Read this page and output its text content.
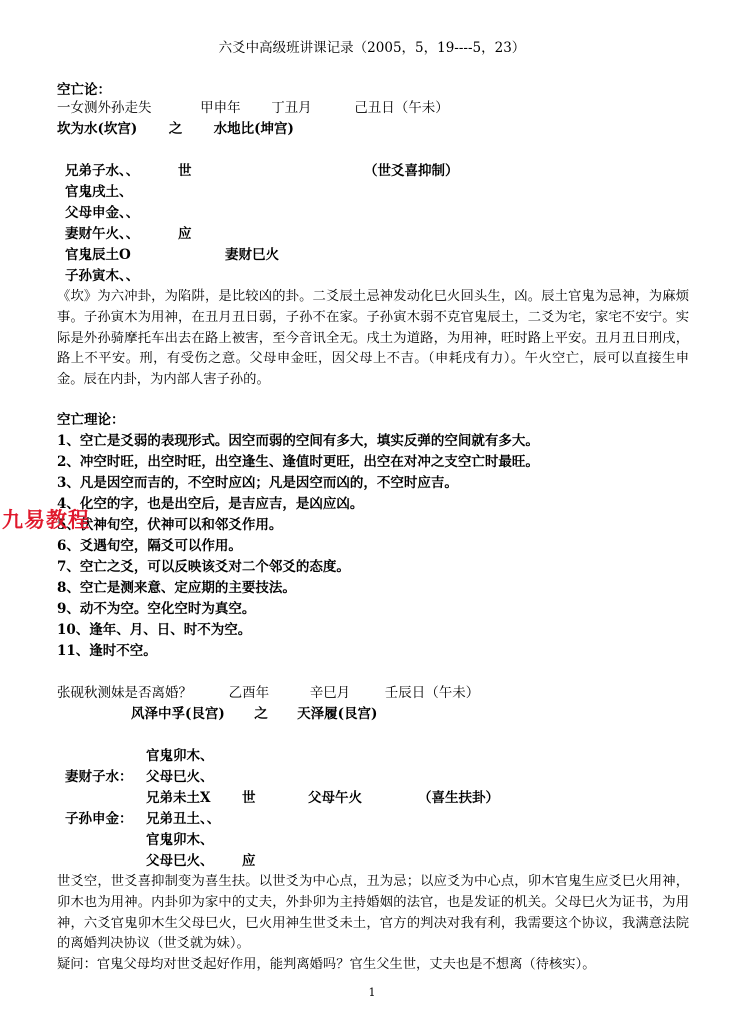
六爻中高级班讲课记录（2005，5，19----5，23）
空亡论：
一女测外孙走失	甲申年 丁丑月	己丑日（午未）
坎为水(坎宫) 之 水地比(坤宫)
兄弟子水、、	世	（世爻喜抑制）
官鬼戌土、
父母申金、、
妻财午火、、	应
官鬼辰土O	妻财巳火
子孙寅木、、
《坎》为六冲卦，为陷阱，是比较凶的卦。二爻辰土忌神发动化巳火回头生，凶。辰土官鬼为忌神，为麻烦事。子孙寅木为用神，在丑月丑日弱，子孙不在家。子孙寅木弱不克官鬼辰土，二爻为宅，家宅不安宁。实际是外孙骑摩托车出去在路上被害，至今音讯全无。戌土为道路，为用神，旺时路上平安。丑月丑日刑戌，路上不平安。刑，有受伤之意。父母申金旺，因父母上不吉。（申耗戌有力）。午火空亡，辰可以直接生申金。辰在内卦，为内部人害子孙的。
空亡理论：
1、空亡是爻弱的表现形式。因空而弱的空间有多大，填实反弹的空间就有多大。
2、冲空时旺，出空时旺，出空逢生、逢值时更旺，出空在对冲之支空亡时最旺。
3、凡是因空而吉的，不空时应凶；凡是因空而凶的，不空时应吉。
4、化空的字，也是出空后，是吉应吉，是凶应凶。
5、伏神旬空，伏神可以和邻爻作用。
6、爻遇旬空，隔爻可以作用。
7、空亡之爻，可以反映该爻对二个邻爻的态度。
8、空亡是测来意、定应期的主要技法。
9、动不为空。空化空时为真空。
10、逢年、月、日、时不为空。
11、逢时不空。
九易教程
张砚秋测妹是否离婚？	乙酉年	辛巳月	壬辰日（午未）
风泽中孚(艮宫) 之 天泽履(艮宫)
官鬼卯木、
妻财子水： 父母巳火、
兄弟未土X 世	父母午火	（喜生扶卦）
子孙申金： 兄弟丑土、、
官鬼卯木、
父母巳火、 应
世爻空，世爻喜抑制变为喜生扶。以世爻为中心点，丑为忌；以应爻为中心点，卯木官鬼生应爻巳火用神，卯木也为用神。内卦卯为家中的丈夫，外卦卯为主持婚姻的法官，也是发证的机关。父母巳火为证书，为用神，六爻官鬼卯木生父母巳火，巳火用神生世爻未土，官方的判决对我有利，我需要这个协议，我满意法院的离婚判决协议（世爻就为妹）。
疑问：官鬼父母均对世爻起好作用，能判离婚吗？官生父生世，丈夫也是不想离（待核实）。
1
